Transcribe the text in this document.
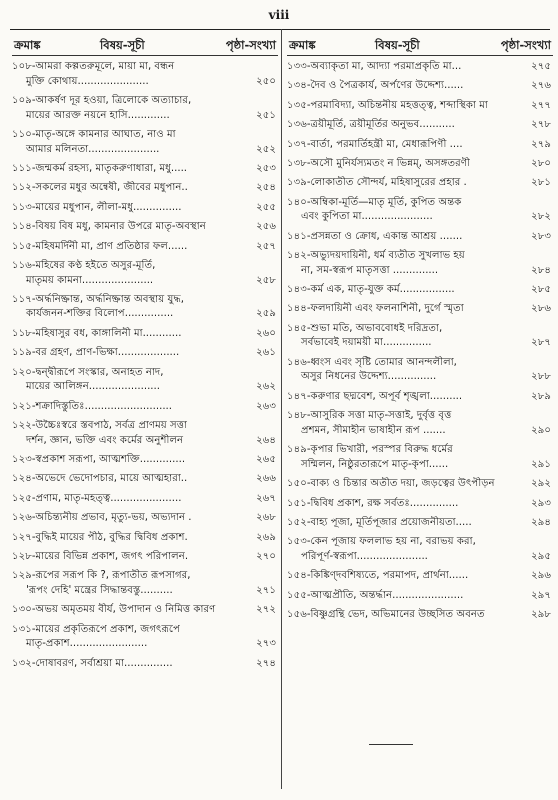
viii
ক্রমাঙ্ক	বিষয়-সূচী	পৃষ্ঠা-সংখ্যা
১০৮-আমরা কল্পতরুমূলে, মায়া মা, বন্ধন
মুক্তি কোথায়......................	২৫০
১০৯-আকর্ষণ দূর হওয়া, ত্রিলোকে অত্যাচার,
মায়ের আরক্ত নয়নে হাসি.............	২৫১
১১০-মাতৃ-অঙ্গে কামনার আঘাত, নাও মা
আমার মলিনতা......................	২৫২
১১১-জন্মকর্ম রহস্য, মাতৃকরুণাধারা, মধু.....	২৫৩
১১২-সকলের মধুর অন্বেষী, জীবের মধুপান..	২৫৪
১১৩-মায়ের মধুপান, লীলা-মধু...............	২৫৫
১১৪-বিষয় বিষ মধু, কামনার উপরে মাতৃ-অবস্থান	২৫৬
১১৫-মহিষমর্দিনী মা, প্রাণ প্রতিষ্ঠার ফল......	২৫৭
১১৬-মহিষের কণ্ঠ হইতে অসুর-মূর্তি,
মাতৃময় কামনা......................	২৫৮
১১৭-অর্দ্ধনিষ্ক্রান্ত, অর্দ্ধনিষ্ক্রান্ত অবস্থায় যুদ্ধ,
কার্যজনন-শক্তির বিলোপ...............	২৫৯
১১৮-মহিষাসুর বধ, কাঙ্গালিনী মা............	২৬০
১১৯-বর গ্রহণ, প্রাণ-ভিক্ষা...................	২৬১
১২০-দ্বন্দ্বীরূপে সংস্কার, অনাহত নাদ,
মায়ের আলিঙ্গন......................	২৬২
১২১-শক্রাদিস্তুতিঃ...........................	২৬৩
১২২-উচ্চৈঃস্বরে স্তবপাঠ, সর্বত্র প্রাণময় সত্তা
দর্শন, জ্ঞান, ভক্তি এবং কর্মের অনুশীলন	২৬৪
১২৩-স্বপ্রকাশ সরূপা, আত্মশক্তি..............	২৬৫
১২৪-অভেদে ভেদোপচার, মায়ে আত্মহারা..	২৬৬
১২৫-প্রণাম, মাতৃ-মহত্ত্ব......................	২৬৭
১২৬-অচিন্ত্যনীয় প্রভাব, মৃত্যু-ভয়, অভ্যদান .	২৬৮
১২৭-বুদ্ধিই মায়ের পীঠ, বুদ্ধির দ্বিবিধ প্রকাশ.	২৬৯
১২৮-মায়ের বিভিন্ন প্রকাশ, জগৎ পরিপালন.	২৭০
১২৯-রূপের সরূপ কি ?, রূপাতীত রূপসাগর,
'রূপং দেহি' মন্ত্রের সিদ্ধান্তবস্তু..........	২৭১
১৩০-অভয় অমৃতময় বীর্য, উপাদান ও নিমিত্ত কারণ	২৭২
১৩১-মায়ের প্রকৃতিরূপে প্রকাশ, জগৎরূপে
মাতৃ-প্রকাশ........................	২৭৩
১৩২-দোষাবরণ, সর্বাশ্রয়া মা...............	২৭৪
ক্রমাঙ্ক	বিষয়-সূচী	পৃষ্ঠা-সংখ্যা
১৩৩-অব্যাকৃতা মা, আদ্যা পরমাপ্রকৃতি মা...	২৭৫
১৩৪-দৈব ও পৈত্রকার্য, অর্পণের উদ্দেশ্য......	২৭৬
১৩৫-পরমাবিদ্যা, অচিন্তনীয় মহত্তত্ত্ব, শব্দাস্থিকা মা	২৭৭
১৩৬-ত্রয়ীমূর্তি, ত্রয়ীমূর্তির অনুভব...........	২৭৮
১৩৭-বার্তা, পরমার্তিহন্ত্রী মা, মেধারূপিণী ....	২৭৯
১৩৮-অসৌ মুনির্যস্যমতং ন ভিন্নম্‌, অসঙ্গতরণী	২৮০
১৩৯-লোকাতীত সৌন্দর্য, মহিষাসুরের প্রহার .	২৮১
১৪০-অম্বিকা-মূর্তি—মাতৃ মূর্তি, কুপিত অন্তক
এবং কুপিতা মা......................	২৮২
১৪১-প্রসন্নতা ও ক্রোধ, একান্ত আশ্রয় .......	২৮৩
১৪২-অভ্যুদয়দায়িনী, ধর্ম ব্যতীত সুখলাভ হয়
না, সম-স্বরূপ মাতৃসত্তা ..............	২৮৪
১৪৩-কর্ম এক, মাতৃ-যুক্ত কর্ম.................	২৮৫
১৪৪-ফলদায়িনী এবং ফলনাশিনী, দুর্গে স্মৃতা	২৮৬
১৪৫-শুভা মতি, অভাববোধই দরিদ্রতা,
সর্বভাবেই দয়াময়ী মা...............	২৮৭
১৪৬-ধ্বংস এবং সৃষ্টি তোমার আনন্দলীলা,
অসুর নিধনের উদ্দেশ্য...............	২৮৮
১৪৭-করুণার ছদ্মবেশ, অপূর্ব শৃঙ্খলা..........	২৮৯
১৪৮-আসুরিক সত্তা মাতৃ-সত্তাই, দুর্বৃত্ত বৃত্ত
প্রশমন, সীমাহীন ভাষাহীন রূপ .......	২৯০
১৪৯-কৃপার ভিখারী, পরস্পর বিরুদ্ধ ধর্মের
সম্মিলন, নিষ্ঠুরতারূপে মাতৃ-কৃপা......	২৯১
১৫০-বাক্য ও চিন্তার অতীত দয়া, জড়ত্বের উৎপীড়ন	২৯২
১৫১-দ্বিবিধ প্রকাশ, রক্ষ সর্বতঃ...............	২৯৩
১৫২-বাহ্য পূজা, মূর্তিপূজার প্রয়োজনীয়তা.....	২৯৪
১৫৩-কেন পূজায় ফললাভ হয় না, বরাভয় করা,
পরিপূর্ণ-স্বরূপা......................	২৯৫
১৫৪-কিঙ্কিণ্দবশিষ্যতে, পরমাপদ, প্রার্থনা......	২৯৬
১৫৫-আত্মপ্রীতি, অন্তর্দ্ধান......................	২৯৭
১৫৬-বিষ্ণুগ্রন্থি ভেদ, অভিমানের উচ্ছসিত অবনত	২৯৮
